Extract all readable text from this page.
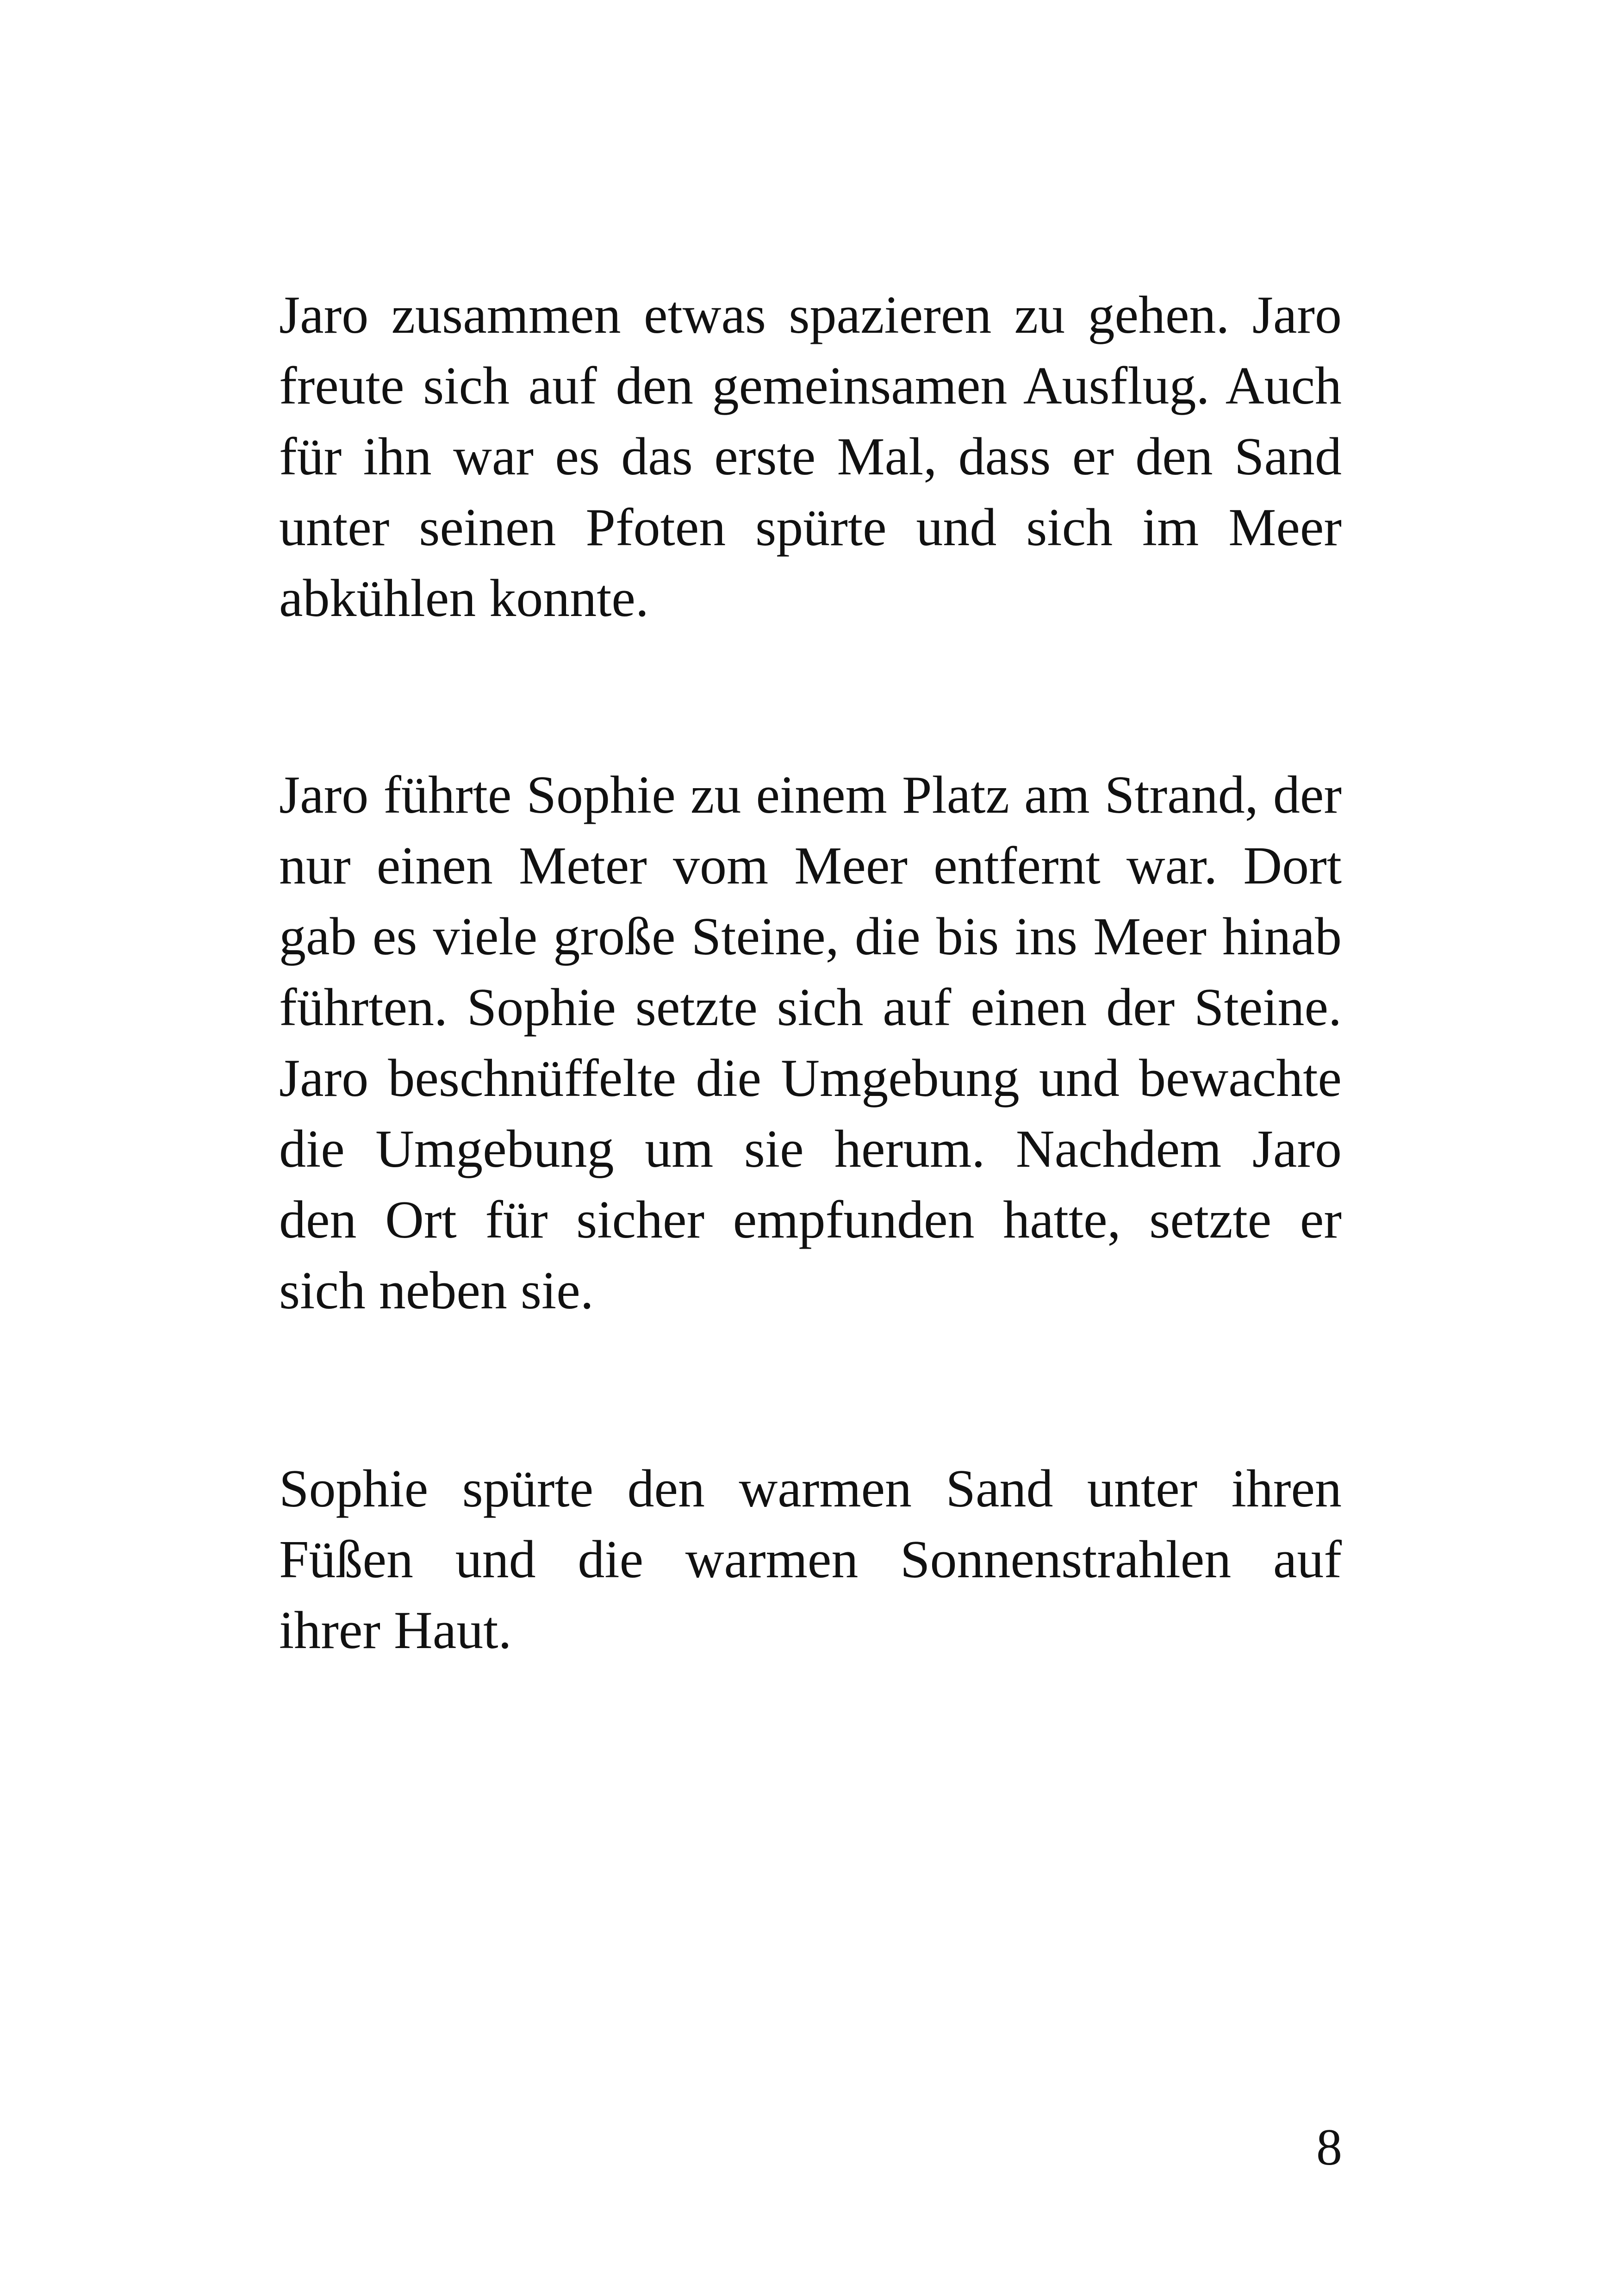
Jaro zusammen etwas spazieren zu gehen. Jaro
freute sich auf den gemeinsamen Ausflug. Auch
für ihn war es das erste Mal, dass er den Sand
unter seinen Pfoten spürte und sich im Meer
abkühlen konnte.
Jaro führte Sophie zu einem Platz am Strand, der
nur einen Meter vom Meer entfernt war. Dort
gab es viele große Steine, die bis ins Meer hinab
führten. Sophie setzte sich auf einen der Steine.
Jaro beschnüffelte die Umgebung und bewachte
die Umgebung um sie herum. Nachdem Jaro
den Ort für sicher empfunden hatte, setzte er
sich neben sie.
Sophie spürte den warmen Sand unter ihren
Füßen und die warmen Sonnenstrahlen auf
ihrer Haut.
8
